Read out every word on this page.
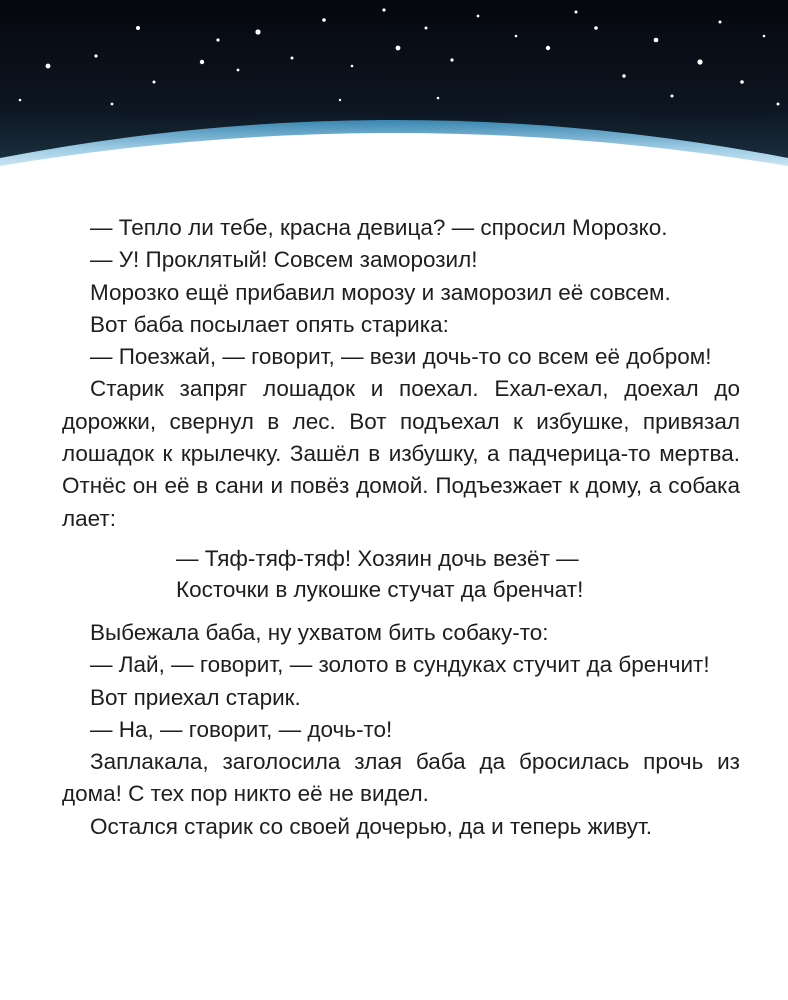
— Тепло ли тебе, красна девица? — спросил Морозко.

— У! Проклятый! Совсем заморозил!

Морозко ещё прибавил морозу и заморозил её совсем.

Вот баба посылает опять старика:

— Поезжай, — говорит, — вези дочь-то со всем её добром!

Старик запряг лошадок и поехал. Ехал-ехал, доехал до дорожки, свернул в лес. Вот подъехал к избушке, привязал лошадок к крылечку. Зашёл в избушку, а падчерица-то мертва. Отнёс он её в сани и повёз домой. Подъезжает к дому, а собака лает:

— Тяф-тяф-тяф! Хозяин дочь везёт —
Косточки в лукошке стучат да бренчат!

Выбежала баба, ну ухватом бить собаку-то:

— Лай, — говорит, — золото в сундуках стучит да бренчит!

Вот приехал старик.

— На, — говорит, — дочь-то!

Заплакала, заголосила злая баба да бросилась прочь из дома! С тех пор никто её не видел.

Остался старик со своей дочерью, да и теперь живут.
